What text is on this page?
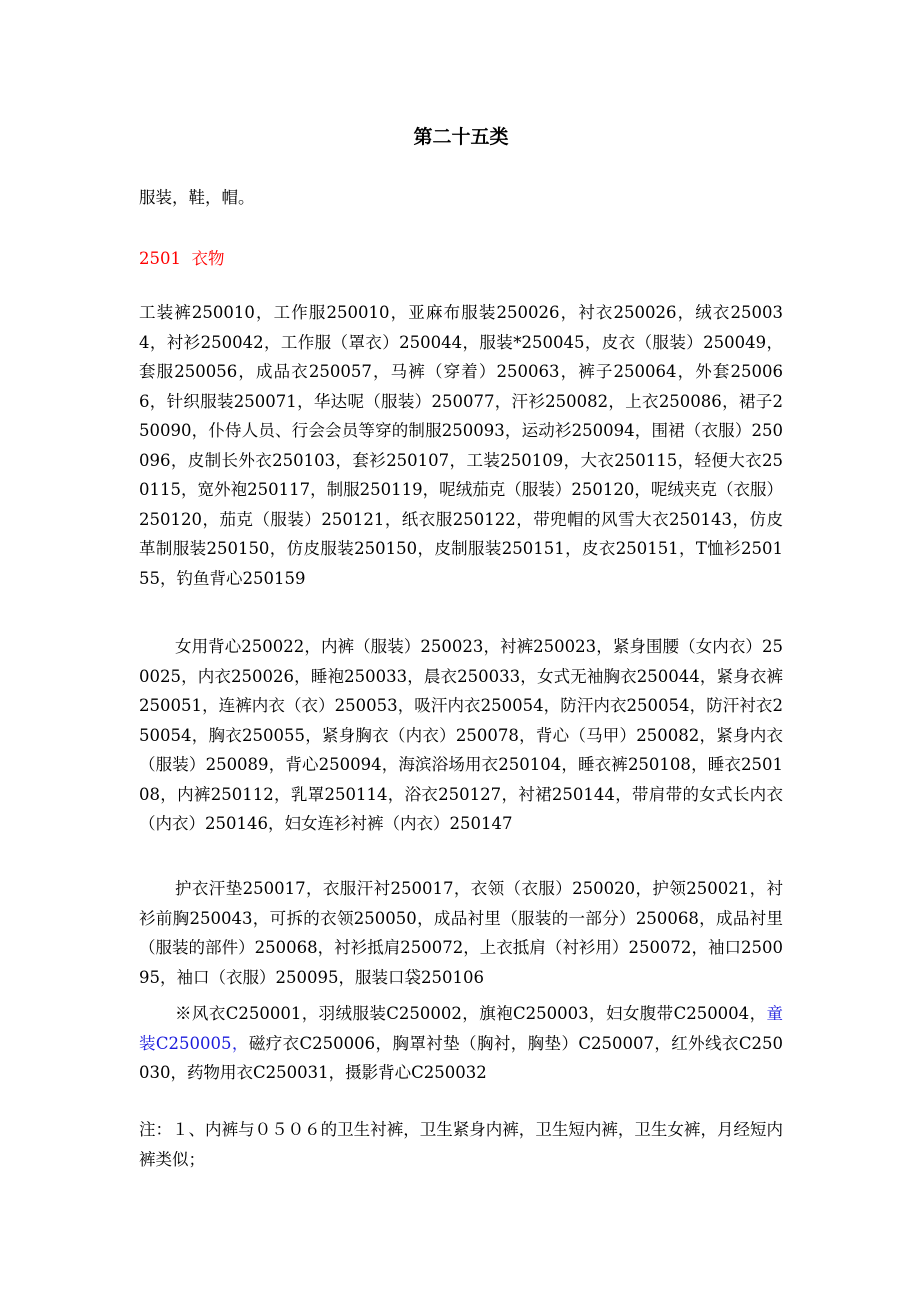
第二十五类
服装，鞋，帽。
2501 衣物
工装裤250010，工作服250010，亚麻布服装250026，衬衣250026，绒衣250034，衬衫250042，工作服（罩衣）250044，服装*250045，皮衣（服装）250049，套服250056，成品衣250057，马裤（穿着）250063，裤子250064，外套250066，针织服装250071，华达呢（服装）250077，汗衫250082，上衣250086，裙子250090，仆侍人员、行会会员等穿的制服250093，运动衫250094，围裙（衣服）250096，皮制长外衣250103，套衫250107，工装250109，大衣250115，轻便大衣250115，宽外袍250117，制服250119，呢绒茄克（服装）250120，呢绒夹克（衣服）250120，茄克（服装）250121，纸衣服250122，带兜帽的风雪大衣250143，仿皮革制服装250150，仿皮服装250150，皮制服装250151，皮衣250151，T恤衫250155，钓鱼背心250159
女用背心250022，内裤（服装）250023，衬裤250023，紧身围腰（女内衣）250025，内衣250026，睡袍250033，晨衣250033，女式无袖胸衣250044，紧身衣裤250051，连裤内衣（衣）250053，吸汗内衣250054，防汗内衣250054，防汗衬衣250054，胸衣250055，紧身胸衣（内衣）250078，背心（马甲）250082，紧身内衣（服装）250089，背心250094，海滨浴场用衣250104，睡衣裤250108，睡衣250108，内裤250112，乳罩250114，浴衣250127，衬裙250144，带肩带的女式长内衣（内衣）250146，妇女连衫衬裤（内衣）250147
护衣汗垫250017，衣服汗衬250017，衣领（衣服）250020，护领250021，衬衫前胸250043，可拆的衣领250050，成品衬里（服装的一部分）250068，成品衬里（服装的部件）250068，衬衫抵肩250072，上衣抵肩（衬衫用）250072，袖口250095，袖口（衣服）250095，服装口袋250106
※风衣C250001，羽绒服装C250002，旗袍C250003，妇女腹带C250004，童装C250005，磁疗衣C250006，胸罩衬垫（胸衬，胸垫）C250007，红外线衣C250030，药物用衣C250031，摄影背心C250032
注：１、内裤与０５０６的卫生衬裤，卫生紧身内裤，卫生短内裤，卫生女裤，月经短内裤类似；
